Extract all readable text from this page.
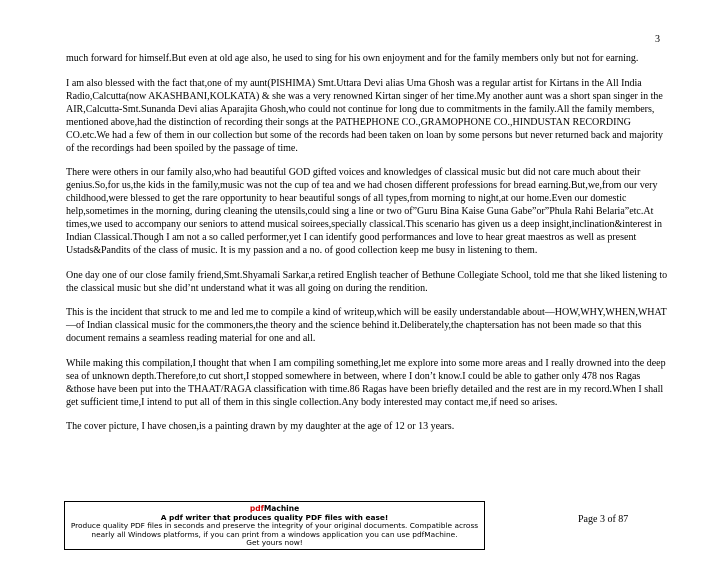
3

much forward for himself.But even at old age also, he used to sing for his own enjoyment and for the family members only but not for earning.

I am also blessed with the fact that,one of my aunt(PISHIMA) Smt.Uttara Devi alias Uma Ghosh was a regular artist for Kirtans in the All India Radio,Calcutta(now AKASHBANI,KOLKATA) & she was a very renowned Kirtan singer of her time.My another aunt was a short span singer in the AIR,Calcutta-Smt.Sunanda Devi alias Aparajita Ghosh,who could not continue for long due to commitments in the family.All the family members, mentioned above,had the distinction of recording their songs at the PATHEPHONE CO.,GRAMOPHONE CO.,HINDUSTAN RECORDING CO.etc.We had a few of them in our collection but some of the records had been taken on loan by some persons but never returned back and majority of the recordings had been spoiled by the passage of time.

There were others in our family also,who had beautiful GOD gifted voices and knowledges of classical music but did not care much about their genius.So,for us,the kids in the family,music was not the cup of tea and we had chosen different professions for bread earning.But,we,from our very childhood,were blessed to get the rare opportunity to hear beautiful songs of all types,from morning to night,at our home.Even our domestic help,sometimes in the morning, during cleaning the utensils,could sing a line or two of”Guru Bina Kaise Guna Gabe”or”Phula Rahi Belaria”etc.At times,we used to accompany our seniors to attend musical soirees,specially classical.This scenario has given us a deep insight,inclination&interest in Indian Classical.Though I am not a so called performer,yet I can identify good performances and love to hear great maestros as well as present Ustads&Pandits of the class of music. It is my passion and a no. of good collection keep me busy in listening to them.

One day one of our close family friend,Smt.Shyamali Sarkar,a retired English teacher of Bethune Collegiate School, told me that she liked listening to the classical music but she did’nt understand what it was all going on during the rendition.

This is the incident that struck to me and led me to compile a kind of writeup,which will be easily understandable about—HOW,WHY,WHEN,WHAT—of Indian classical music for the commoners,the theory and the science behind it.Deliberately,the chaptersation has not been made so that this document remains a seamless reading material for one and all.

While making this compilation,I thought that when I am compiling something,let me explore into some more areas and I really drowned into the deep sea of unknown depth.Therefore,to cut short,I stopped somewhere in between, where I don’t know.I could be able to gather only 478 nos Ragas &those have been put into the THAAT/RAGA classification with time.86 Ragas have been briefly detailed and the rest are in my record.When I shall get sufficient time,I intend to put all of them in this single collection.Any body interested may contact me,if need so arises.

The cover picture, I have chosen,is a painting drawn by my daughter at the age of 12 or 13 years.

pdfMachine
A pdf writer that produces quality PDF files with ease!
Produce quality PDF files in seconds and preserve the integrity of your original documents. Compatible across
nearly all Windows platforms, if you can print from a windows application you can use pdfMachine.
Get yours now!
Page 3 of 87
